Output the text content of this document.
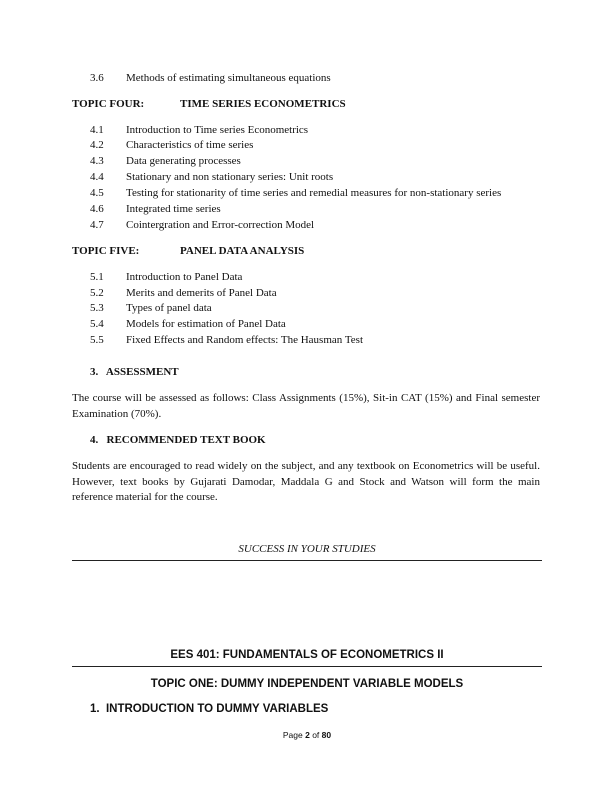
3.6 Methods of estimating simultaneous equations
TOPIC FOUR:	TIME SERIES ECONOMETRICS
4.1 Introduction to Time series Econometrics
4.2 Characteristics of time series
4.3 Data generating processes
4.4 Stationary and non stationary series: Unit roots
4.5 Testing for stationarity of time series and remedial measures for non-stationary series
4.6 Integrated time series
4.7 Cointergration and Error-correction Model
TOPIC FIVE:	PANEL DATA ANALYSIS
5.1 Introduction to Panel Data
5.2 Merits and demerits of Panel Data
5.3 Types of panel data
5.4 Models for estimation of Panel Data
5.5 Fixed Effects and Random effects: The Hausman Test
3.   ASSESSMENT
The course will be assessed as follows: Class Assignments (15%), Sit-in CAT (15%) and Final semester Examination (70%).
4.   RECOMMENDED TEXT BOOK
Students are encouraged to read widely on the subject, and any textbook on Econometrics will be useful. However, text books by Gujarati Damodar, Maddala G and Stock and Watson will form the main reference material for the course.
SUCCESS IN YOUR STUDIES
EES 401: FUNDAMENTALS OF ECONOMETRICS II
TOPIC ONE: DUMMY INDEPENDENT VARIABLE MODELS
1.  INTRODUCTION TO DUMMY VARIABLES
Page 2 of 80
